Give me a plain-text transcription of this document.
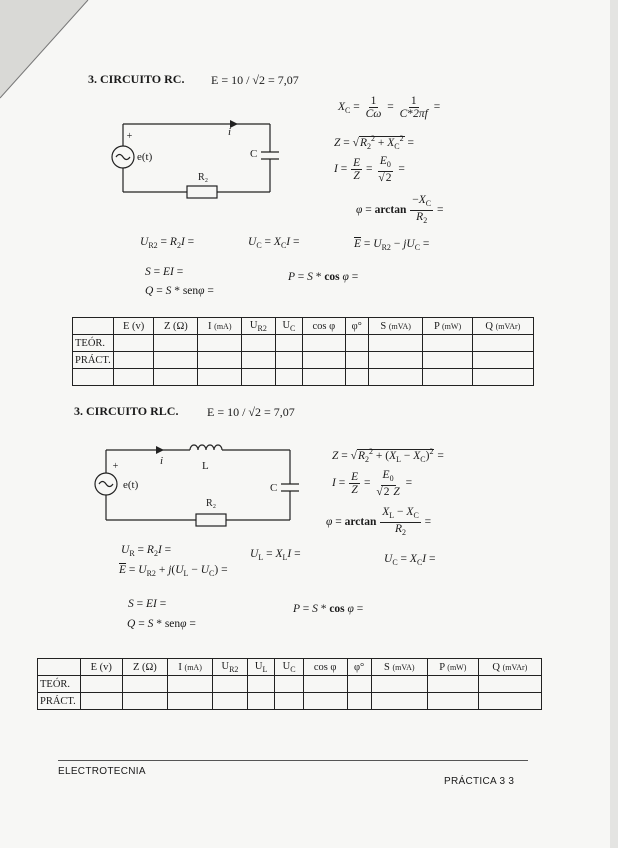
3. CIRCUITO RC. E = 10 / √2 = 7,07
+	i
e(t)	C
R₂
$X_C = \frac{1}{C\omega} = \frac{1}{C*2\pi f}$ =
$Z = √R_2^2 + X_C^2$ =
$I = \frac{E}{Z} = \frac{E_0}{√2}$ =
$\varphi = \arctan \frac{-X_C}{R_2}$ =
$U_{R2} = R_2I$ =	$U_C = X_CI$ =	$\overline{E} = U_{R2} - jU_C$ =
S = EI =	P = S * cos φ =
Q = S * senφ =
	E (v)	Z (Ω)	I (mA)	$U_{R2}$	$U_C$	cos φ	φ°	S (mVA)	P (mW)	Q (mVAr)
TEÓR.										
PRÁCT.										

3. CIRCUITO RLC. E = 10 / √2 = 7,07
+	i	L
e(t)	C
R₂
$Z = √R_2^2 + (X_L - X_C)^2$ =
$I = \frac{E}{Z} = \frac{E_0}{√2 Z}$ =
$\varphi = \arctan \frac{X_L - X_C}{R_2}$ =
$U_R = R_2I$ =	$U_L = X_LI$ =	$U_C = X_CI$ =
$\overline{E} = U_{R2} + j(U_L - U_C)$ =
S = EI =	P = S * cos φ =
Q = S * senφ =
	E (v)	Z (Ω)	I (mA)	$U_{R2}$	$U_L$	$U_C$	cos φ	φ°	S (mVA)	P (mW)	Q (mVAr)
TEÓR.											
PRÁCT.											
ELECTROTECNIA
PRÁCTICA 3 3
